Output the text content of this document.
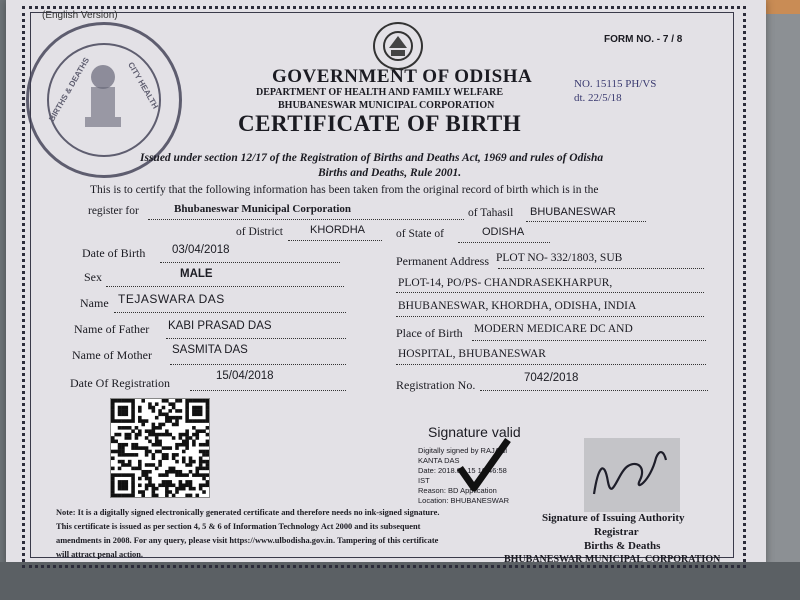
BIRTHS & DEATHS	CITY HEALTH
(English Version)
FORM NO. - 7 / 8
GOVERNMENT OF ODISHA
DEPARTMENT OF HEALTH AND FAMILY WELFARE
BHUBANESWAR MUNICIPAL CORPORATION
CERTIFICATE OF BIRTH
NO. 15115 PH/VS
dt. 22/5/18
Issued under section 12/17 of the Registration of Births and Deaths Act, 1969 and rules of Odisha
Births and Deaths, Rule 2001.
This is to certify that the following information has been taken from the original record of birth which is in the
register for	Bhubaneswar Municipal Corporation	of Tahasil BHUBANESWAR
of District KHORDHA	of State of	ODISHA
Date of Birth 03/04/2018
Sex	MALE
Name TEJASWARA DAS
Name of Father KABI PRASAD DAS
Name of Mother SASMITA DAS
Date Of Registration	15/04/2018
Permanent Address PLOT NO- 332/1803, SUB
PLOT-14, PO/PS- CHANDRASEKHARPUR,
BHUBANESWAR, KHORDHA, ODISHA, INDIA
Place of Birth MODERN MEDICARE DC AND
HOSPITAL, BHUBANESWAR
Registration No.	7042/2018
Signature valid
Digitally signed by RAJANI
KANTA DAS
Date: 2018.04.15 16:46:58
IST
Reason: BD Application
Location: BHUBANESWAR
Signature of Issuing Authority
Registrar
Births & Deaths
BHUBANESWAR MUNICIPAL CORPORATION
Note: It is a digitally signed electronically generated certificate and therefore needs no ink-signed signature.
This certificate is issued as per section 4, 5 & 6 of Information Technology Act 2000 and its subsequent
amendments in 2008. For any query, please visit https://www.ulbodisha.gov.in. Tampering of this certificate
will attract penal action.
